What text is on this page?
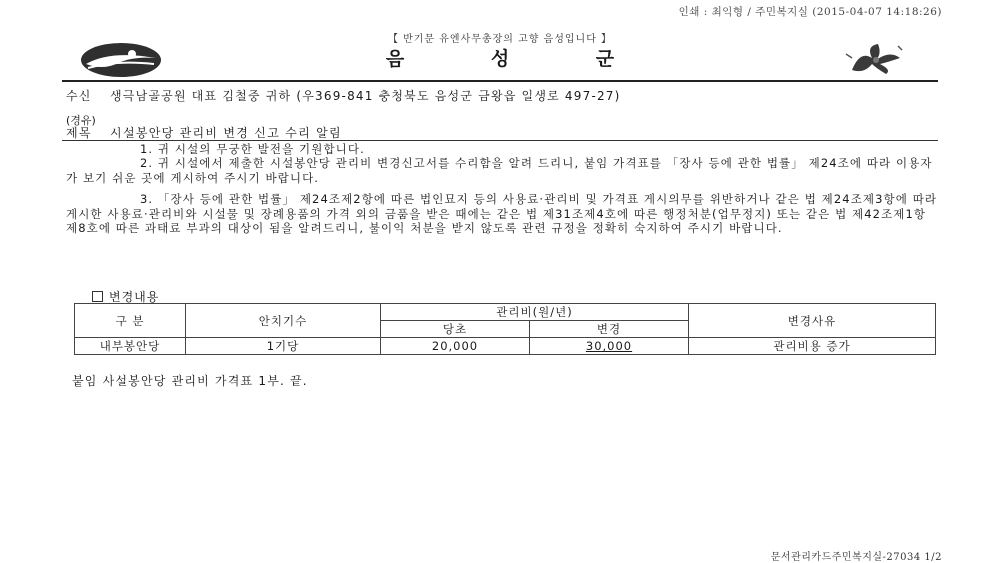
인쇄 : 최익형 / 주민복지실 (2015-04-07 14:18:26)
【 반기문 유엔사무총장의 고향 음성입니다 】
음 성 군
수신 생극남골공원 대표 김철중 귀하 (우369-841 충청북도 음성군 금왕읍 일생로 497-27)
(경유)
제목 시설봉안당 관리비 변경 신고 수리 알림

1. 귀 시설의 무궁한 발전을 기원합니다.

2. 귀 시설에서 제출한 시설봉안당 관리비 변경신고서를 수리함을 알려 드리니, 붙임 가격표를 「장사 등에 관한 법률」 제24조에 따라 이용자가 보기 쉬운 곳에 게시하여 주시기 바랍니다.

3. 「장사 등에 관한 법률」 제24조제2항에 따른 법인묘지 등의 사용료·관리비 및 가격표 게시의무를 위반하거나 같은 법 제24조제3항에 따라 게시한 사용료·관리비와 시설물 및 장례용품의 가격 외의 금품을 받은 때에는 같은 법 제31조제4호에 따른 행정처분(업무정지) 또는 같은 법 제42조제1항제8호에 따른 과태료 부과의 대상이 됨을 알려드리니, 불이익 처분을 받지 않도록 관련 규정을 정확히 숙지하여 주시기 바랍니다.

변경내용
구 분	안치기수	관리비(원/년)		변경사유
		당초	변경	
내부봉안당	1기당	20,000	30,000	관리비용 증가
붙임 사설봉안당 관리비 가격표 1부. 끝.
문서관리카드주민복지실-27034 1/2
